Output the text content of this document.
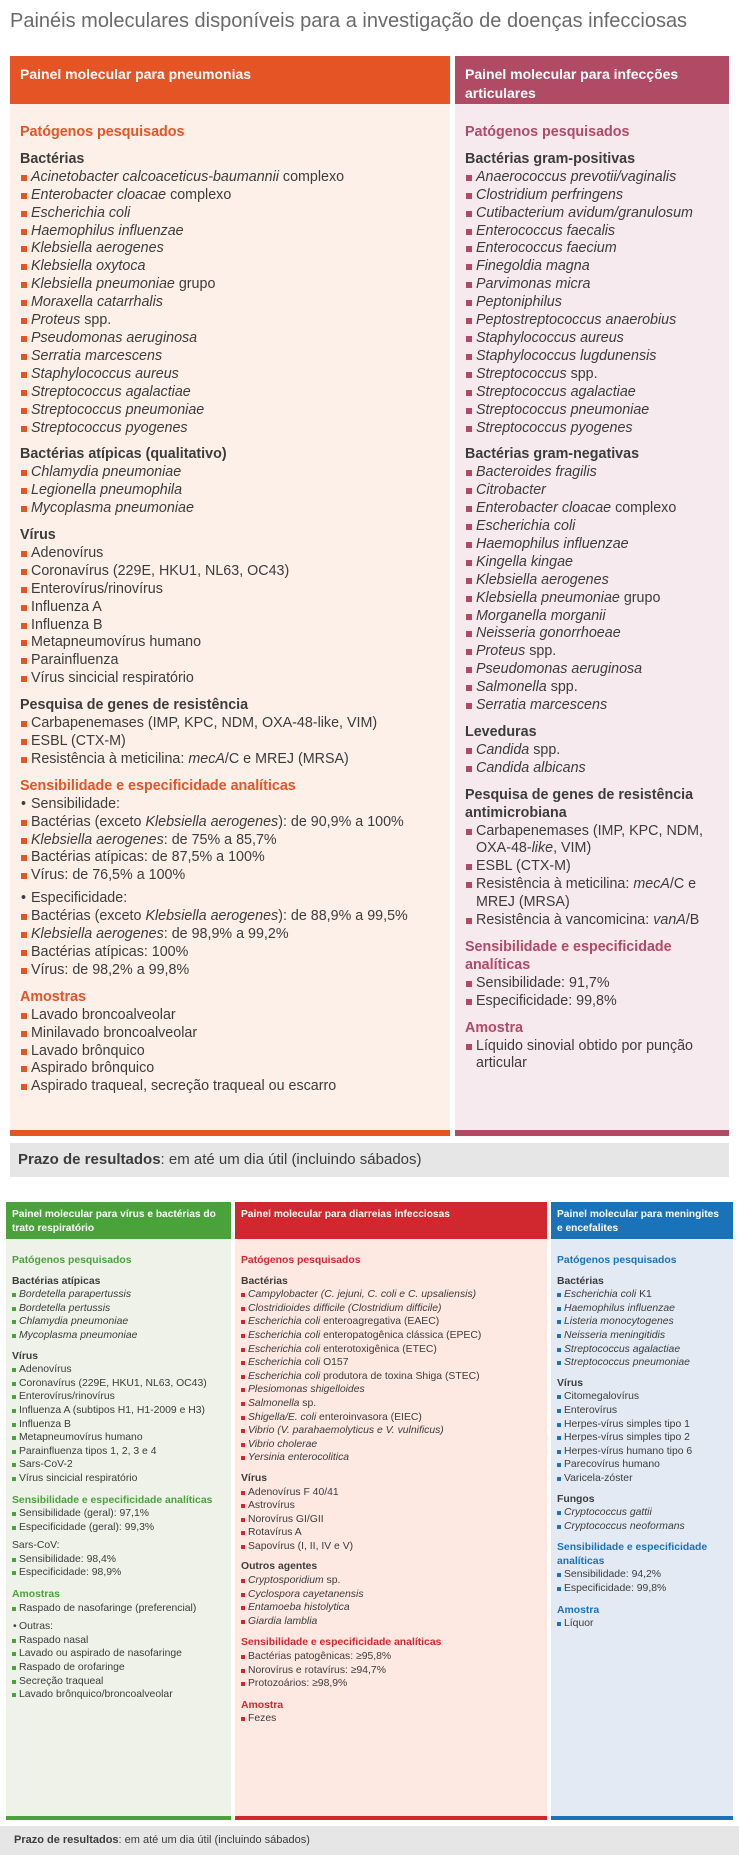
Painéis moleculares disponíveis para a investigação de doenças infecciosas
Painel molecular para pneumonias
Patógenos pesquisados
Bactérias
Acinetobacter calcoaceticus-baumannii complexo
Enterobacter cloacae complexo
Escherichia coli
Haemophilus influenzae
Klebsiella aerogenes
Klebsiella oxytoca
Klebsiella pneumoniae grupo
Moraxella catarrhalis
Proteus spp.
Pseudomonas aeruginosa
Serratia marcescens
Staphylococcus aureus
Streptococcus agalactiae
Streptococcus pneumoniae
Streptococcus pyogenes
Bactérias atípicas (qualitativo)
Chlamydia pneumoniae
Legionella pneumophila
Mycoplasma pneumoniae
Vírus
Adenovírus
Coronavírus (229E, HKU1, NL63, OC43)
Enterovírus/rinovírus
Influenza A
Influenza B
Metapneumovírus humano
Parainfluenza
Vírus sincicial respiratório
Pesquisa de genes de resistência
Carbapenemases (IMP, KPC, NDM, OXA-48-like, VIM)
ESBL (CTX-M)
Resistência à meticilina: mecA/C e MREJ (MRSA)
Sensibilidade e especificidade analíticas
• Sensibilidade:
Bactérias (exceto Klebsiella aerogenes): de 90,9% a 100%
Klebsiella aerogenes: de 75% a 85,7%
Bactérias atípicas: de 87,5% a 100%
Vírus: de 76,5% a 100%
• Especificidade:
Bactérias (exceto Klebsiella aerogenes): de 88,9% a 99,5%
Klebsiella aerogenes: de 98,9% a 99,2%
Bactérias atípicas: 100%
Vírus: de 98,2% a 99,8%
Amostras
Lavado broncoalveolar
Minilavado broncoalveolar
Lavado brônquico
Aspirado brônquico
Aspirado traqueal, secreção traqueal ou escarro
Painel molecular para infecções articulares
Patógenos pesquisados
Bactérias gram-positivas
Anaerococcus prevotii/vaginalis
Clostridium perfringens
Cutibacterium avidum/granulosum
Enterococcus faecalis
Enterococcus faecium
Finegoldia magna
Parvimonas micra
Peptoniphilus
Peptostreptococcus anaerobius
Staphylococcus aureus
Staphylococcus lugdunensis
Streptococcus spp.
Streptococcus agalactiae
Streptococcus pneumoniae
Streptococcus pyogenes
Bactérias gram-negativas
Bacteroides fragilis
Citrobacter
Enterobacter cloacae complexo
Escherichia coli
Haemophilus influenzae
Kingella kingae
Klebsiella aerogenes
Klebsiella pneumoniae grupo
Morganella morganii
Neisseria gonorrhoeae
Proteus spp.
Pseudomonas aeruginosa
Salmonella spp.
Serratia marcescens
Leveduras
Candida spp.
Candida albicans
Pesquisa de genes de resistência antimicrobiana
Carbapenemases (IMP, KPC, NDM, OXA-48-like, VIM)
ESBL (CTX-M)
Resistência à meticilina: mecA/C e MREJ (MRSA)
Resistência à vancomicina: vanA/B
Sensibilidade e especificidade analíticas
Sensibilidade: 91,7%
Especificidade: 99,8%
Amostra
Líquido sinovial obtido por punção articular
Prazo de resultados: em até um dia útil (incluindo sábados)
Painel molecular para vírus e bactérias do trato respiratório
Patógenos pesquisados
Bactérias atípicas
Bordetella parapertussis
Bordetella pertussis
Chlamydia pneumoniae
Mycoplasma pneumoniae
Vírus
Adenovírus
Coronavírus (229E, HKU1, NL63, OC43)
Enterovírus/rinovírus
Influenza A (subtipos H1, H1-2009 e H3)
Influenza B
Metapneumovírus humano
Parainfluenza tipos 1, 2, 3 e 4
Sars-CoV-2
Vírus sincicial respiratório
Sensibilidade e especificidade analíticas
Sensibilidade (geral): 97,1%
Especificidade (geral): 99,3%
Sars-CoV:
Sensibilidade: 98,4%
Especificidade: 98,9%
Amostras
Raspado de nasofaringe (preferencial)
• Outras:
Raspado nasal
Lavado ou aspirado de nasofaringe
Raspado de orofaringe
Secreção traqueal
Lavado brônquico/broncoalveolar
Painel molecular para diarreias infecciosas
Patógenos pesquisados
Bactérias
Campylobacter (C. jejuni, C. coli e C. upsaliensis)
Clostridioides difficile (Clostridium difficile)
Escherichia coli enteroagregativa (EAEC)
Escherichia coli enteropatogênica clássica (EPEC)
Escherichia coli enterotoxigênica (ETEC)
Escherichia coli O157
Escherichia coli produtora de toxina Shiga (STEC)
Plesiomonas shigelloides
Salmonella sp.
Shigella/E. coli enteroinvasora (EIEC)
Vibrio (V. parahaemolyticus e V. vulnificus)
Vibrio cholerae
Yersinia enterocolitica
Vírus
Adenovírus F 40/41
Astrovírus
Norovírus GI/GII
Rotavírus A
Sapovírus (I, II, IV e V)
Outros agentes
Cryptosporidium sp.
Cyclospora cayetanensis
Entamoeba histolytica
Giardia lamblia
Sensibilidade e especificidade analíticas
Bactérias patogênicas: ≥95,8%
Norovírus e rotavírus: ≥94,7%
Protozoários: ≥98,9%
Amostra
Fezes
Painel molecular para meningites e encefalites
Patógenos pesquisados
Bactérias
Escherichia coli K1
Haemophilus influenzae
Listeria monocytogenes
Neisseria meningitidis
Streptococcus agalactiae
Streptococcus pneumoniae
Vírus
Citomegalovírus
Enterovírus
Herpes-vírus simples tipo 1
Herpes-vírus simples tipo 2
Herpes-vírus humano tipo 6
Parecovírus humano
Varicela-zóster
Fungos
Cryptococcus gattii
Cryptococcus neoformans
Sensibilidade e especificidade analíticas
Sensibilidade: 94,2%
Especificidade: 99,8%
Amostra
Líquor
Prazo de resultados: em até um dia útil (incluindo sábados)
